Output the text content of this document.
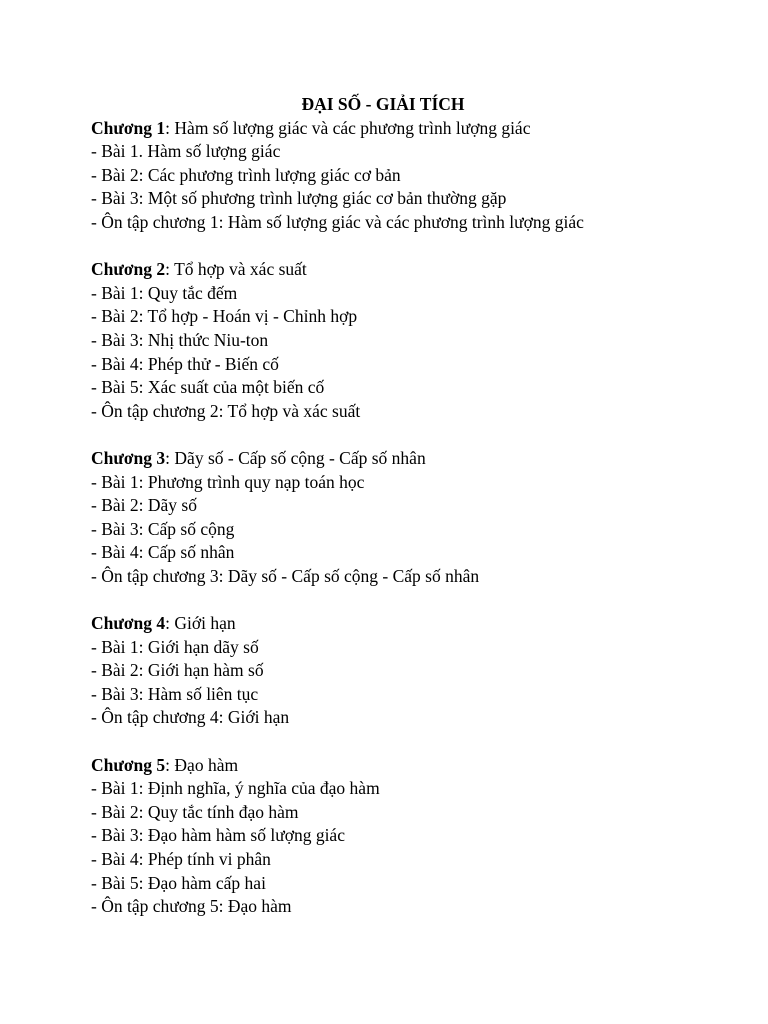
ĐẠI SỐ - GIẢI TÍCH

Chương 1: Hàm số lượng giác và các phương trình lượng giác

- Bài 1. Hàm số lượng giác

- Bài 2: Các phương trình lượng giác cơ bản

- Bài 3: Một số phương trình lượng giác cơ bản thường gặp

- Ôn tập chương 1: Hàm số lượng giác và các phương trình lượng giác

Chương 2: Tổ hợp và xác suất

- Bài 1: Quy tắc đếm

- Bài 2: Tổ hợp - Hoán vị - Chỉnh hợp

- Bài 3: Nhị thức Niu-ton

- Bài 4: Phép thử - Biến cố

- Bài 5: Xác suất của một biến cố

- Ôn tập chương 2: Tổ hợp và xác suất

Chương 3: Dãy số - Cấp số cộng - Cấp số nhân

- Bài 1: Phương trình quy nạp toán học

- Bài 2: Dãy số

- Bài 3: Cấp số cộng

- Bài 4: Cấp số nhân

- Ôn tập chương 3: Dãy số - Cấp số cộng - Cấp số nhân

Chương 4: Giới hạn

- Bài 1: Giới hạn dãy số

- Bài 2: Giới hạn hàm số

- Bài 3: Hàm số liên tục

- Ôn tập chương 4: Giới hạn

Chương 5: Đạo hàm

- Bài 1: Định nghĩa, ý nghĩa của đạo hàm

- Bài 2: Quy tắc tính đạo hàm

- Bài 3: Đạo hàm hàm số lượng giác

- Bài 4: Phép tính vi phân

- Bài 5: Đạo hàm cấp hai

- Ôn tập chương 5: Đạo hàm
